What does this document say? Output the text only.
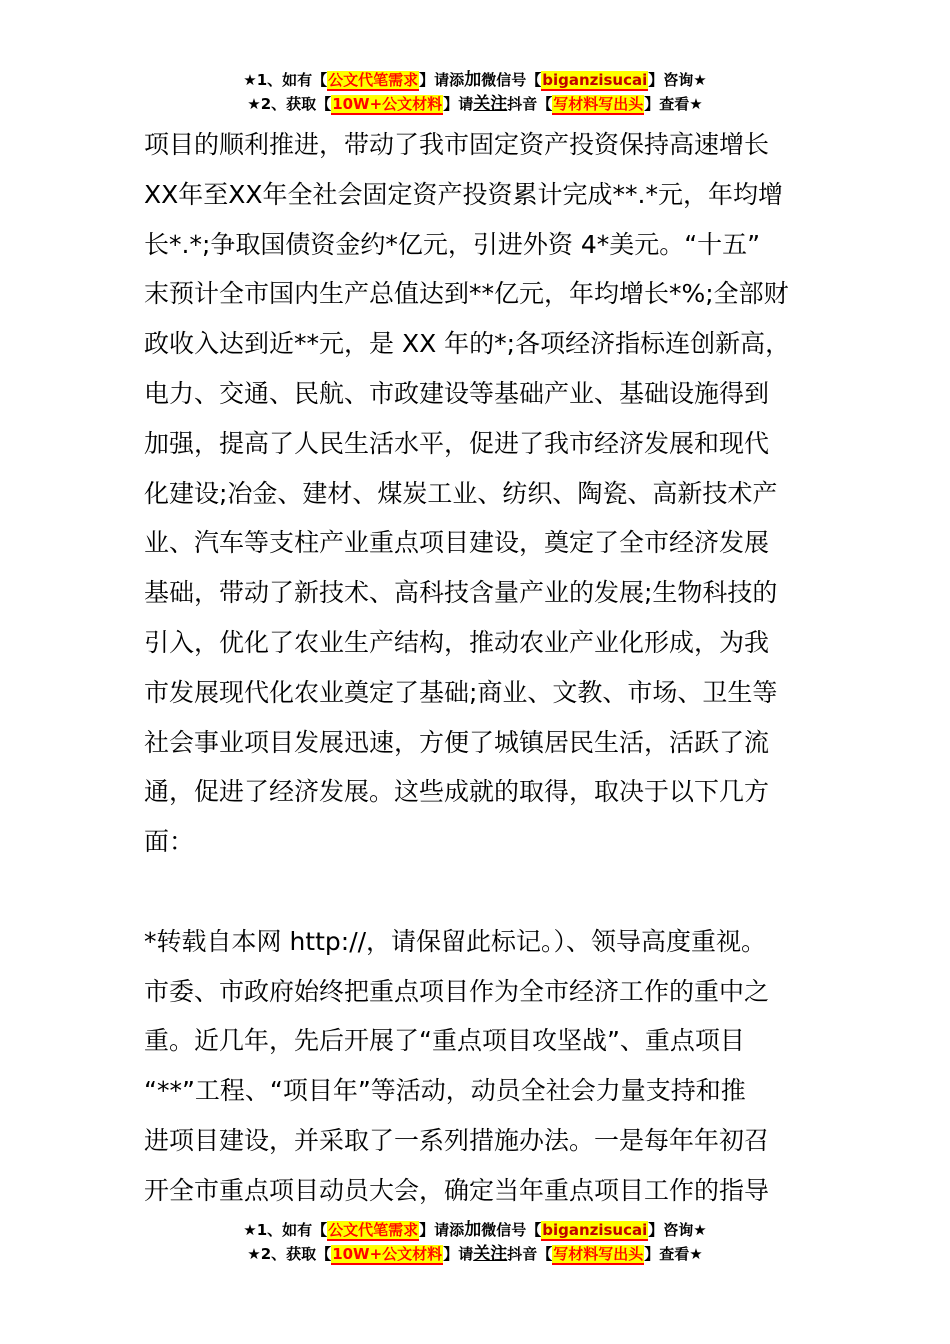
★1、如有【公文代笔需求】请添加微信号【biganzisucai】咨询★
★2、获取【10W+公文材料】请关注抖音【写材料写出头】查看★
项目的顺利推进，带动了我市固定资产投资保持高速增长
XX年至XX年全社会固定资产投资累计完成**.*元，年均增
长*.*;争取国债资金约*亿元，引进外资 4*美元。“十五”
末预计全市国内生产总值达到**亿元，年均增长*%;全部财
政收入达到近**元，是 XX 年的*;各项经济指标连创新高，
电力、交通、民航、市政建设等基础产业、基础设施得到
加强，提高了人民生活水平，促进了我市经济发展和现代
化建设;冶金、建材、煤炭工业、纺织、陶瓷、高新技术产
业、汽车等支柱产业重点项目建设，奠定了全市经济发展
基础，带动了新技术、高科技含量产业的发展;生物科技的
引入，优化了农业生产结构，推动农业产业化形成，为我
市发展现代化农业奠定了基础;商业、文教、市场、卫生等
社会事业项目发展迅速，方便了城镇居民生活，活跃了流
通，促进了经济发展。这些成就的取得，取决于以下几方
面：
*转载自本网 http://，请保留此标记。）、领导高度重视。
市委、市政府始终把重点项目作为全市经济工作的重中之
重。近几年，先后开展了“重点项目攻坚战”、重点项目
“**”工程、“项目年”等活动，动员全社会力量支持和推
进项目建设，并采取了一系列措施办法。一是每年年初召
开全市重点项目动员大会，确定当年重点项目工作的指导
★1、如有【公文代笔需求】请添加微信号【biganzisucai】咨询★
★2、获取【10W+公文材料】请关注抖音【写材料写出头】查看★
